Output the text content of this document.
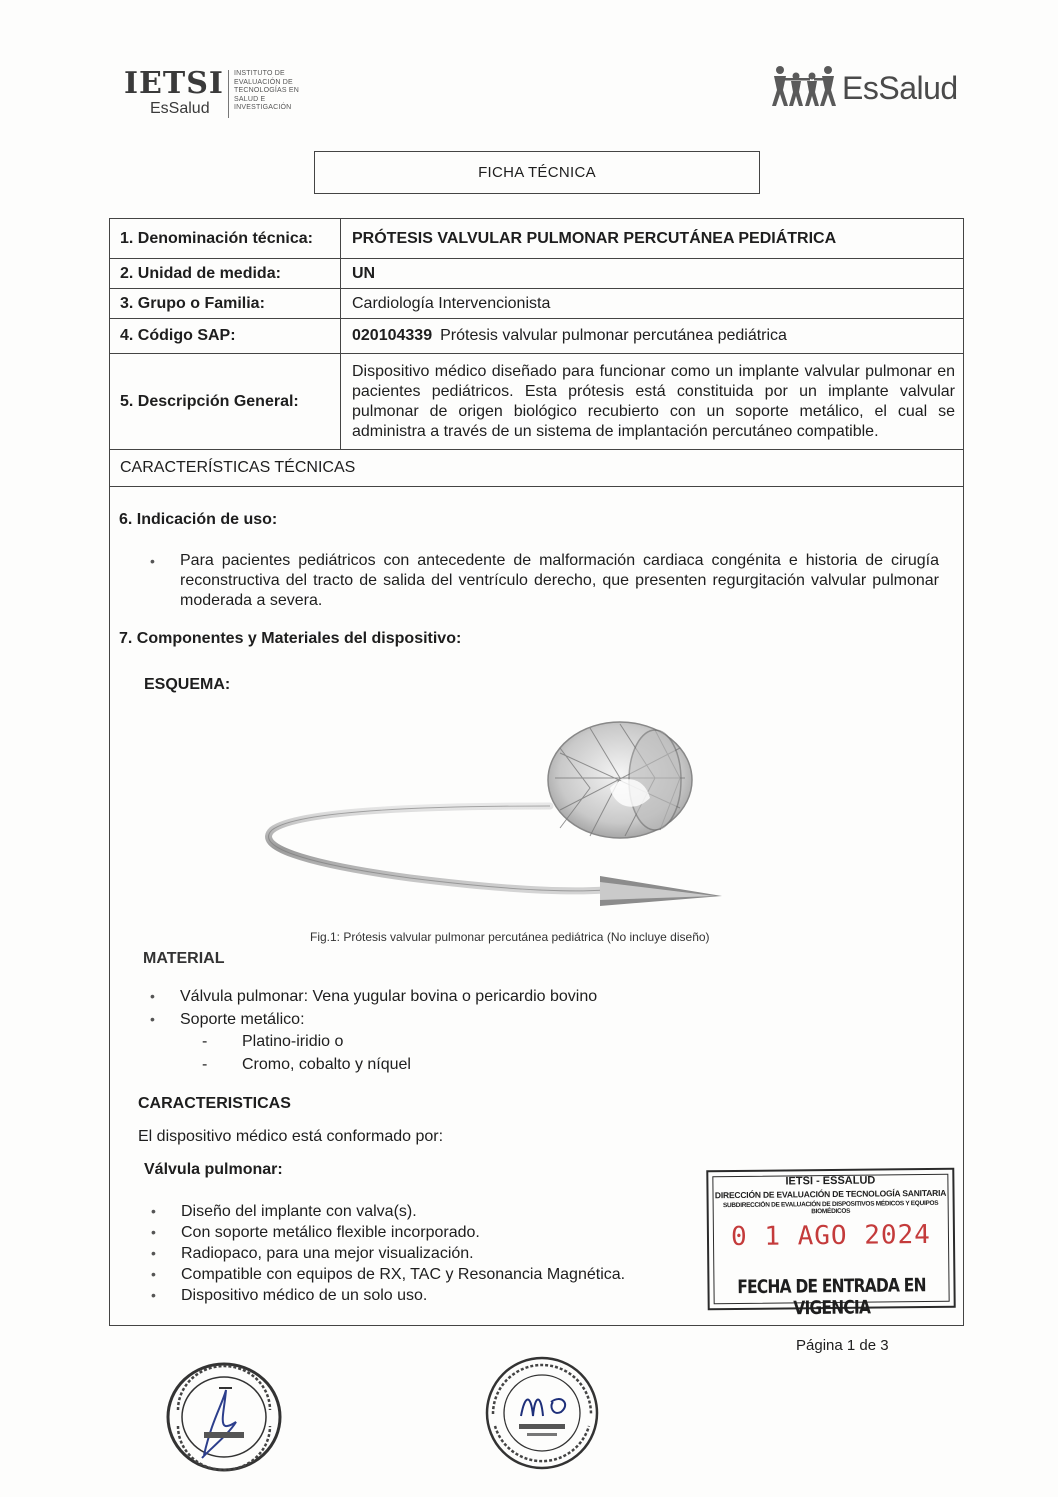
IETSI
EsSalud
INSTITUTO DE
EVALUACIÓN DE
TECNOLOGÍAS EN
SALUD E
INVESTIGACIÓN
EsSalud
FICHA TÉCNICA
1. Denominación técnica:	PRÓTESIS VALVULAR PULMONAR PERCUTÁNEA PEDIÁTRICA
2. Unidad de medida:	UN
3. Grupo o Familia:	Cardiología Intervencionista
4. Código SAP:	020104339 Prótesis valvular pulmonar percutánea pediátrica
5. Descripción General:
Dispositivo médico diseñado para funcionar como un implante valvular pulmonar en pacientes pediátricos. Esta prótesis está constituida por un implante valvular pulmonar de origen biológico recubierto con un soporte metálico, el cual se administra a través de un sistema de implantación percutáneo compatible.
CARACTERÍSTICAS TÉCNICAS
6. Indicación de uso:
• Para pacientes pediátricos con antecedente de malformación cardiaca congénita e historia de cirugía reconstructiva del tracto de salida del ventrículo derecho, que presenten regurgitación valvular pulmonar moderada a severa.
7. Componentes y Materiales del dispositivo:
ESQUEMA:
Fig.1: Prótesis valvular pulmonar percutánea pediátrica (No incluye diseño)
MATERIAL
• Válvula pulmonar: Vena yugular bovina o pericardio bovino
• Soporte metálico:
- Platino-iridio o
- Cromo, cobalto y níquel
CARACTERISTICAS
El dispositivo médico está conformado por:
Válvula pulmonar:
• Diseño del implante con valva(s).
• Con soporte metálico flexible incorporado.
• Radiopaco, para una mejor visualización.
• Compatible con equipos de RX, TAC y Resonancia Magnética.
• Dispositivo médico de un solo uso.
IETSI - ESSALUD
DIRECCIÓN DE EVALUACIÓN DE TECNOLOGÍA SANITARIA
SUBDIRECCIÓN DE EVALUACIÓN DE DISPOSITIVOS MÉDICOS Y EQUIPOS BIOMÉDICOS
0 1 AGO 2024
FECHA DE ENTRADA EN VIGENCIA
Página 1 de 3
